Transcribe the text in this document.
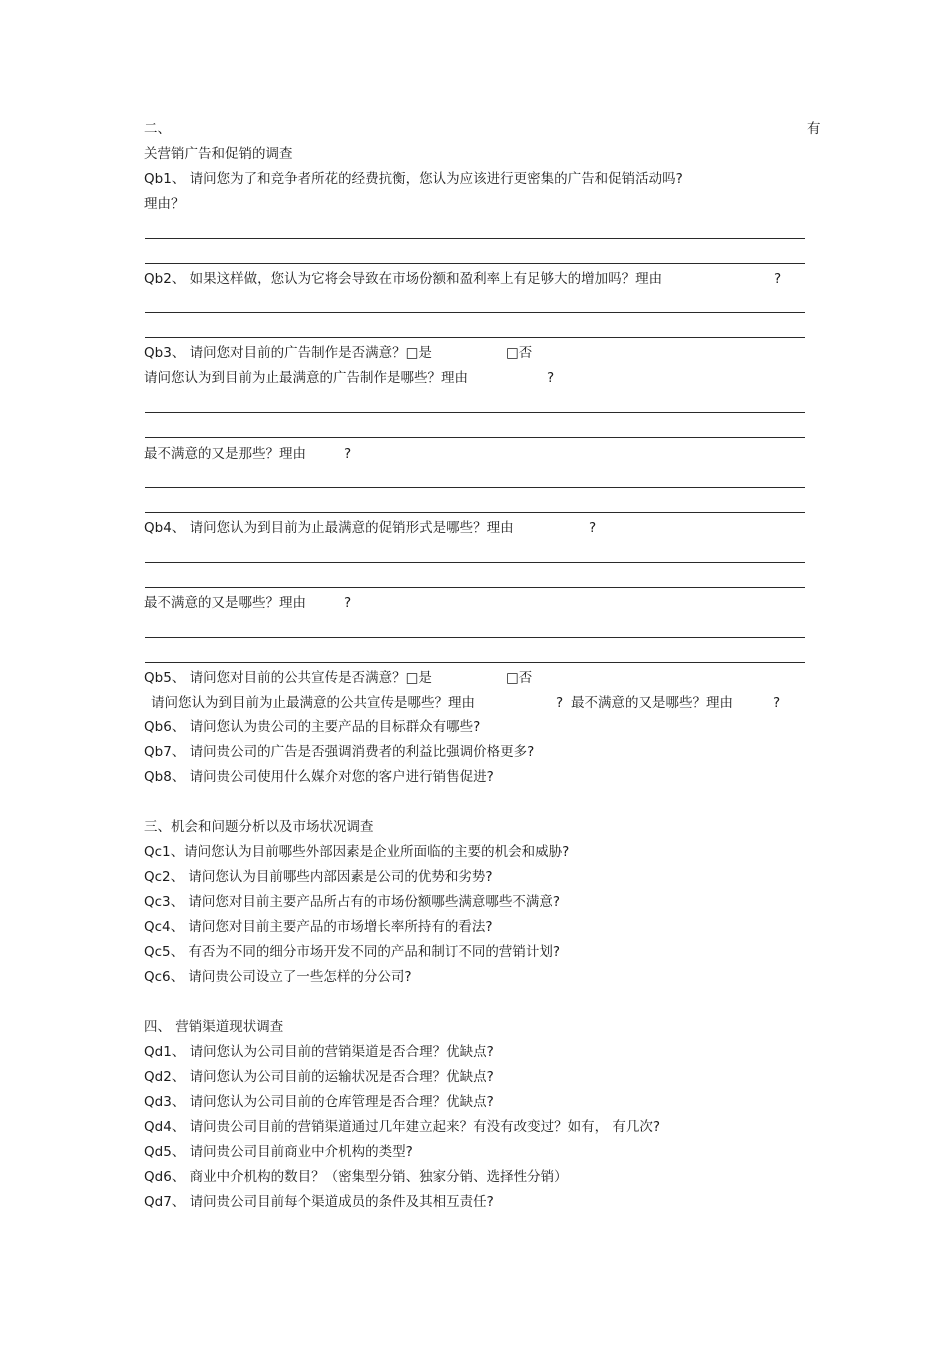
二、	有
关营销广告和促销的调查
Qb1、 请问您为了和竞争者所花的经费抗衡，您认为应该进行更密集的广告和促销活动吗?
理由？
Qb2、 如果这样做，您认为它将会导致在市场份额和盈利率上有足够大的增加吗？理由	?
Qb3、 请问您对目前的广告制作是否满意？□是	□否
请问您认为到目前为止最满意的广告制作是哪些？理由	?
最不满意的又是那些？理由	?
Qb4、 请问您认为到目前为止最满意的促销形式是哪些？理由	?
最不满意的又是哪些？理由	?
Qb5、 请问您对目前的公共宣传是否满意？□是	□否
请问您认为到目前为止最满意的公共宣传是哪些？理由	? 最不满意的又是哪些？理由	?
Qb6、 请问您认为贵公司的主要产品的目标群众有哪些?
Qb7、 请问贵公司的广告是否强调消费者的利益比强调价格更多?
Qb8、 请问贵公司使用什么媒介对您的客户进行销售促进?
三、机会和问题分析以及市场状况调查
Qc1、请问您认为目前哪些外部因素是企业所面临的主要的机会和威胁?
Qc2、 请问您认为目前哪些内部因素是公司的优势和劣势?
Qc3、 请问您对目前主要产品所占有的市场份额哪些满意哪些不满意?
Qc4、 请问您对目前主要产品的市场增长率所持有的看法?
Qc5、 有否为不同的细分市场开发不同的产品和制订不同的营销计划?
Qc6、 请问贵公司设立了一些怎样的分公司?
四、 营销渠道现状调查
Qd1、 请问您认为公司目前的营销渠道是否合理？优缺点?
Qd2、 请问您认为公司目前的运输状况是否合理？优缺点?
Qd3、 请问您认为公司目前的仓库管理是否合理？优缺点?
Qd4、 请问贵公司目前的营销渠道通过几年建立起来？有没有改变过？如有， 有几次?
Qd5、 请问贵公司目前商业中介机构的类型?
Qd6、 商业中介机构的数目？（密集型分销、独家分销、选择性分销）
Qd7、 请问贵公司目前每个渠道成员的条件及其相互责任?
